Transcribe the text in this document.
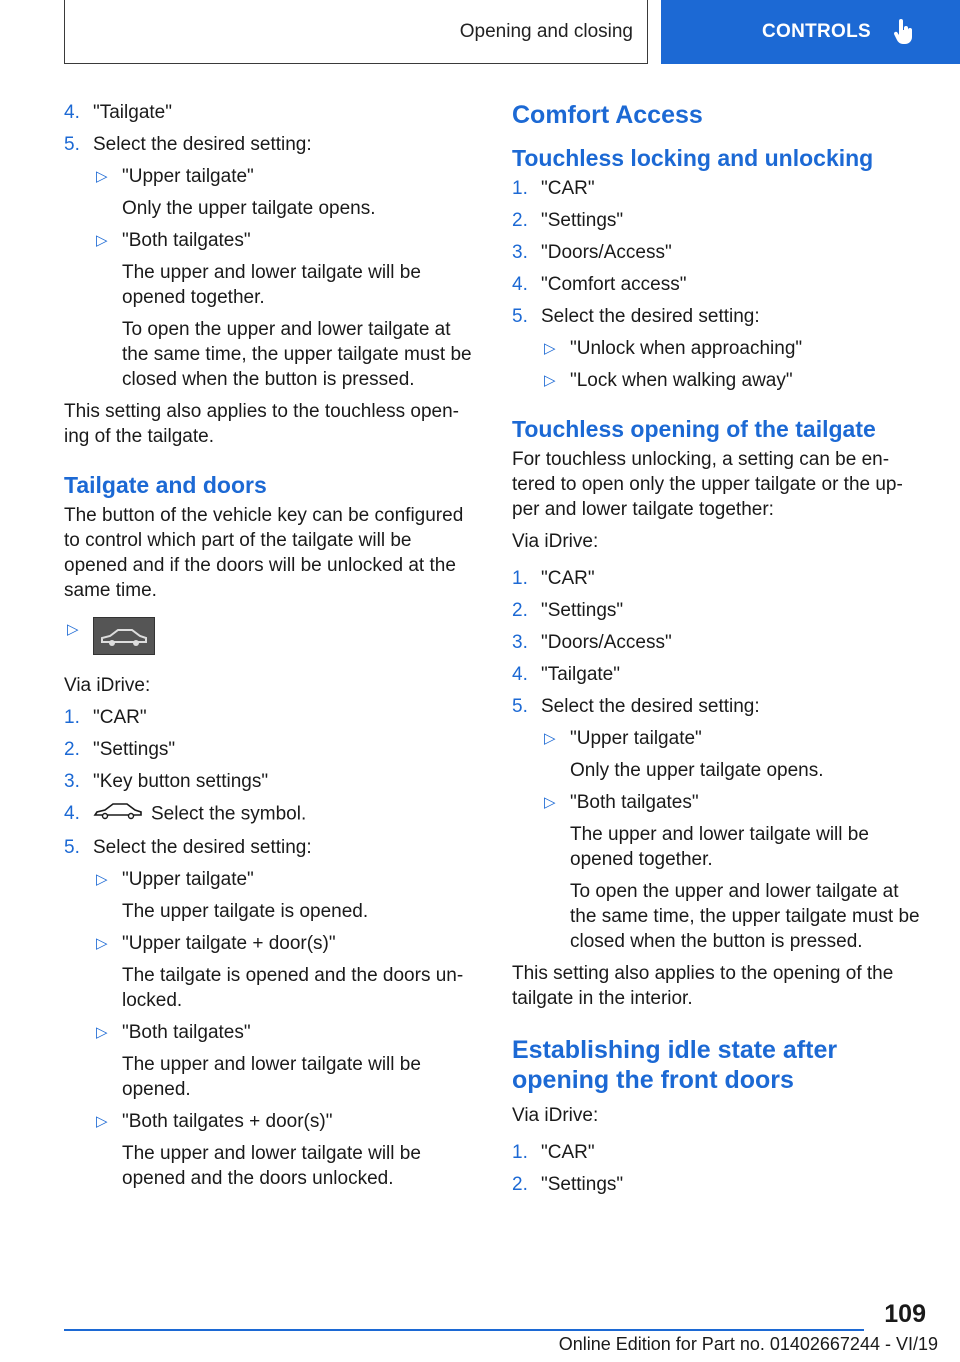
Opening and closing	CONTROLS
4. "Tailgate"
5. Select the desired setting:
▷ "Upper tailgate"
Only the upper tailgate opens.
▷ "Both tailgates"
The upper and lower tailgate will be opened together.
To open the upper and lower tailgate at the same time, the upper tailgate must be closed when the button is pressed.

This setting also applies to the touchless open-ing of the tailgate.

Tailgate and doors

The button of the vehicle key can be configured to control which part of the tailgate will be opened and if the doors will be unlocked at the same time.

▷

Via iDrive:

1. "CAR"
2. "Settings"
3. "Key button settings"
4.	Select the symbol.
5. Select the desired setting:
▷ "Upper tailgate"
The upper tailgate is opened.
▷ "Upper tailgate + door(s)"
The tailgate is opened and the doors un-locked.
▷ "Both tailgates"
The upper and lower tailgate will be opened.
▷ "Both tailgates + door(s)"
The upper and lower tailgate will be opened and the doors unlocked.
Comfort Access
Touchless locking and unlocking
1. "CAR"
2. "Settings"
3. "Doors/Access"
4. "Comfort access"
5. Select the desired setting:
▷ "Unlock when approaching"
▷ "Lock when walking away"
Touchless opening of the tailgate

For touchless unlocking, a setting can be en-tered to open only the upper tailgate or the up-per and lower tailgate together:

Via iDrive:

1. "CAR"
2. "Settings"
3. "Doors/Access"
4. "Tailgate"
5. Select the desired setting:
▷ "Upper tailgate"
Only the upper tailgate opens.
▷ "Both tailgates"
The upper and lower tailgate will be opened together.
To open the upper and lower tailgate at the same time, the upper tailgate must be closed when the button is pressed.

This setting also applies to the opening of the tailgate in the interior.

Establishing idle state after opening the front doors

Via iDrive:

1. "CAR"
2. "Settings"
109
Online Edition for Part no. 01402667244 - VI/19
